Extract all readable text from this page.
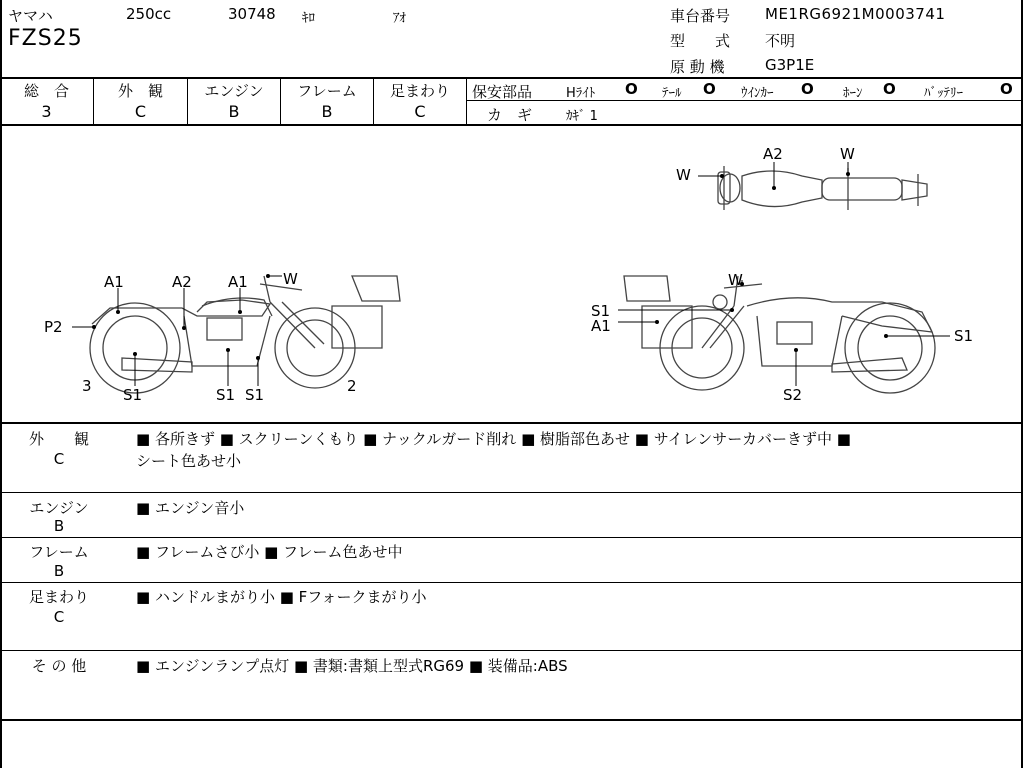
ヤマハ	250cc	30748 ｷﾛ	ｱｵ
FZS25
車台番号 ME1RG6921M0003741
型　　式 不明
原 動 機	G3P1E
総　合
3
外　観
C
エンジン
B
フレーム
B
足まわり
C
保安部品	Hﾗｲﾄ O ﾃｰﾙ O ｳｲﾝｶｰ O ﾎｰﾝ O ﾊﾞｯﾃﾘｰ O
カ　ギ	ｶｷﾞ 1
A2
W
W
A1	A2 A1 W
P2
S1	S1 S1
3	2
W
S1
A1
S1
S2
外　　観
C
■ 各所きず ■ スクリーンくもり ■ ナックルガード削れ ■ 樹脂部色あせ ■ サイレンサーカバーきず中 ■
シート色あせ小
エンジン
B
■ エンジン音小
フレーム
B
■ フレームさび小 ■ フレーム色あせ中
足まわり
C
■ ハンドルまがり小 ■ Fフォークまがり小
そ の 他	■ エンジンランプ点灯 ■ 書類:書類上型式RG69 ■ 装備品:ABS
